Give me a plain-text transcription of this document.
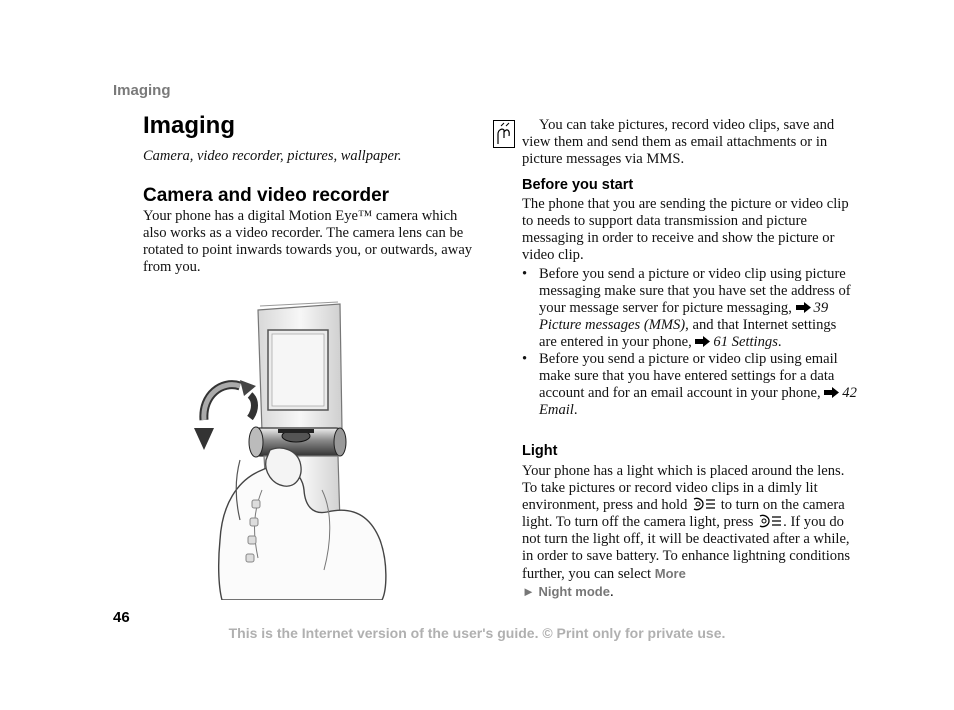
Imaging
Imaging
Camera, video recorder, pictures, wallpaper.
Camera and video recorder

Your phone has a digital Motion Eye™ camera which also works as a video recorder. The camera lens can be rotated to point inwards towards you, or outwards, away from you.

You can take pictures, record video clips, save and view them and send them as email attachments or in picture messages via MMS.

Before you start

The phone that you are sending the picture or video clip to needs to support data transmission and picture messaging in order to receive and show the picture or video clip.

• Before you send a picture or video clip using picture messaging make sure that you have set the address of your message server for picture messaging, 39 Picture messages (MMS), and that Internet settings are entered in your phone, 61 Settings.
• Before you send a picture or video clip using email make sure that you have entered settings for a data account and for an email account in your phone, 42 Email.
Light

Your phone has a light which is placed around the lens. To take pictures or record video clips in a dimly lit environment, press and hold to turn on the camera light. To turn off the camera light, press . If you do not turn the light off, it will be deactivated after a while, in order to save battery. To enhance lightning conditions further, you can select More
► Night mode.

46
This is the Internet version of the user's guide. © Print only for private use.
